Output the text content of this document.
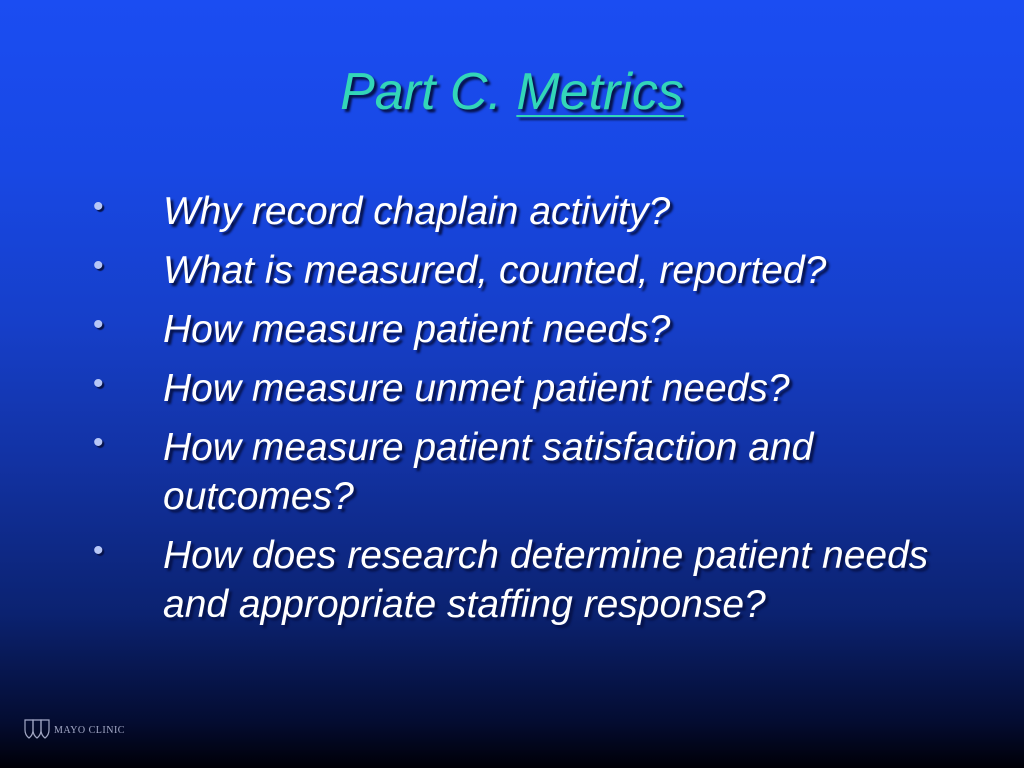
Part C. Metrics
• Why record chaplain activity?
• What is measured, counted, reported?
• How measure patient needs?
• How measure unmet patient needs?
• How measure patient satisfaction and outcomes?
• How does research determine patient needs and appropriate staffing response?
MAYO CLINIC
